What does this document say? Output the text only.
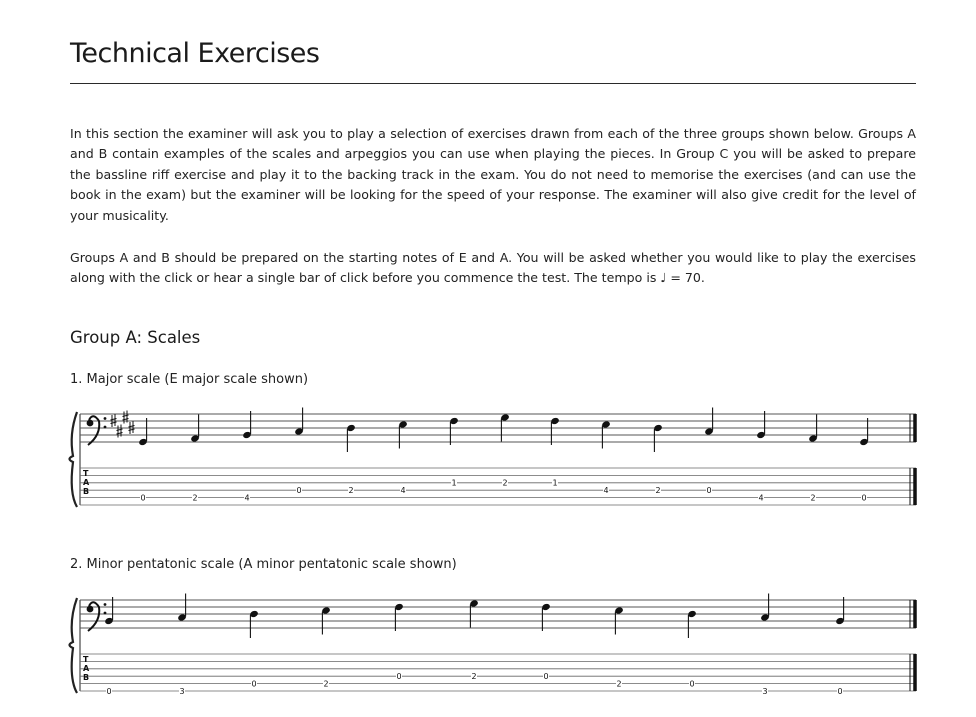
Technical Exercises

In this section the examiner will ask you to play a selection of exercises drawn from each of the three groups shown below. Groups A and B contain examples of the scales and arpeggios you can use when playing the pieces. In Group C you will be asked to prepare the bassline riff exercise and play it to the backing track in the exam. You do not need to memorise the exercises (and can use the book in the exam) but the examiner will be looking for the speed of your response. The examiner will also give credit for the level of your musicality.

Groups A and B should be prepared on the starting notes of E and A. You will be asked whether you would like to play the exercises along with the click or hear a single bar of click before you commence the test. The tempo is ♩ = 70.

Group A: Scales
1. Major scale (E major scale shown)
T
A
B
0	2	4
0	2	4
1	2	1
4	2	0
4	2	0
2. Minor pentatonic scale (A minor pentatonic scale shown)
T
A
B
0	3
0	2
0	2	0
2	0
3	0
